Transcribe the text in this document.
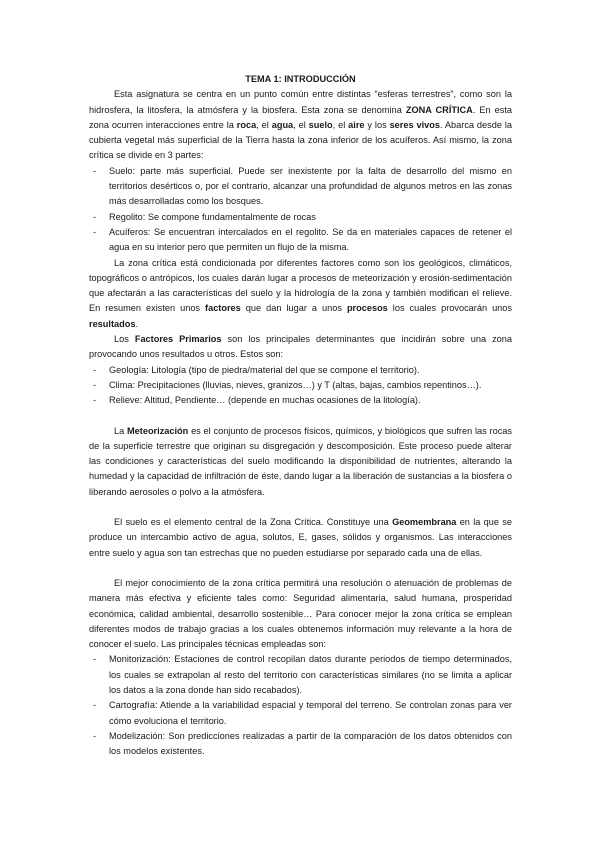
TEMA 1: INTRODUCCIÓN

Esta asignatura se centra en un punto común entre distintas “esferas terrestres”, como son la hidrosfera, la litosfera, la atmósfera y la biosfera. Esta zona se denomina ZONA CRÍTICA. En esta zona ocurren interacciones entre la roca, el agua, el suelo, el aire y los seres vivos. Abarca desde la cubierta vegetal más superficial de la Tierra hasta la zona inferior de los acuíferos. Así mismo, la zona crítica se divide en 3 partes:

- Suelo: parte más superficial. Puede ser inexistente por la falta de desarrollo del mismo en territorios desérticos o, por el contrario, alcanzar una profundidad de algunos metros en las zonas más desarrolladas como los bosques.
- Regolito: Se compone fundamentalmente de rocas
- Acuíferos: Se encuentran intercalados en el regolito. Se da en materiales capaces de retener el agua en su interior pero que permiten un flujo de la misma.

La zona crítica está condicionada por diferentes factores como son los geológicos, climáticos, topográficos o antrópicos, los cuales darán lugar a procesos de meteorización y erosión-sedimentación que afectarán a las características del suelo y la hidrología de la zona y también modifican el relieve. En resumen existen unos factores que dan lugar a unos procesos los cuales provocarán unos resultados.

Los Factores Primarios son los principales determinantes que incidirán sobre una zona provocando unos resultados u otros. Estos son:

- Geología: Litología (tipo de piedra/material del que se compone el territorio).
- Clima: Precipitaciones (lluvias, nieves, granizos…) y T (altas, bajas, cambios repentinos…).
- Relieve: Altitud, Pendiente… (depende en muchas ocasiones de la litología).

La Meteorización es el conjunto de procesos físicos, químicos, y biológicos que sufren las rocas de la superficie terrestre que originan su disgregación y descomposición. Este proceso puede alterar las condiciones y características del suelo modificando la disponibilidad de nutrientes, alterando la humedad y la capacidad de infiltración de éste, dando lugar a la liberación de sustancias a la biosfera o liberando aerosoles o polvo a la atmósfera.

El suelo es el elemento central de la Zona Crítica. Constituye una Geomembrana en la que se produce un intercambio activo de agua, solutos, E, gases, sólidos y organismos. Las interacciones entre suelo y agua son tan estrechas que no pueden estudiarse por separado cada una de ellas.

El mejor conocimiento de la zona crítica permitirá una resolución o atenuación de problemas de manera más efectiva y eficiente tales como: Seguridad alimentaria, salud humana, prosperidad económica, calidad ambiental, desarrollo sostenible… Para conocer mejor la zona crítica se emplean diferentes modos de trabajo gracias a los cuales obtenemos información muy relevante a la hora de conocer el suelo. Las principales técnicas empleadas son:

- Monitorización: Estaciones de control recopilan datos durante periodos de tiempo determinados, los cuales se extrapolan al resto del territorio con características similares (no se limita a aplicar los datos a la zona donde han sido recabados).
- Cartografía: Atiende a la variabilidad espacial y temporal del terreno. Se controlan zonas para ver cómo evoluciona el territorio.
- Modelización: Son predicciones realizadas a partir de la comparación de los datos obtenidos con los modelos existentes.
